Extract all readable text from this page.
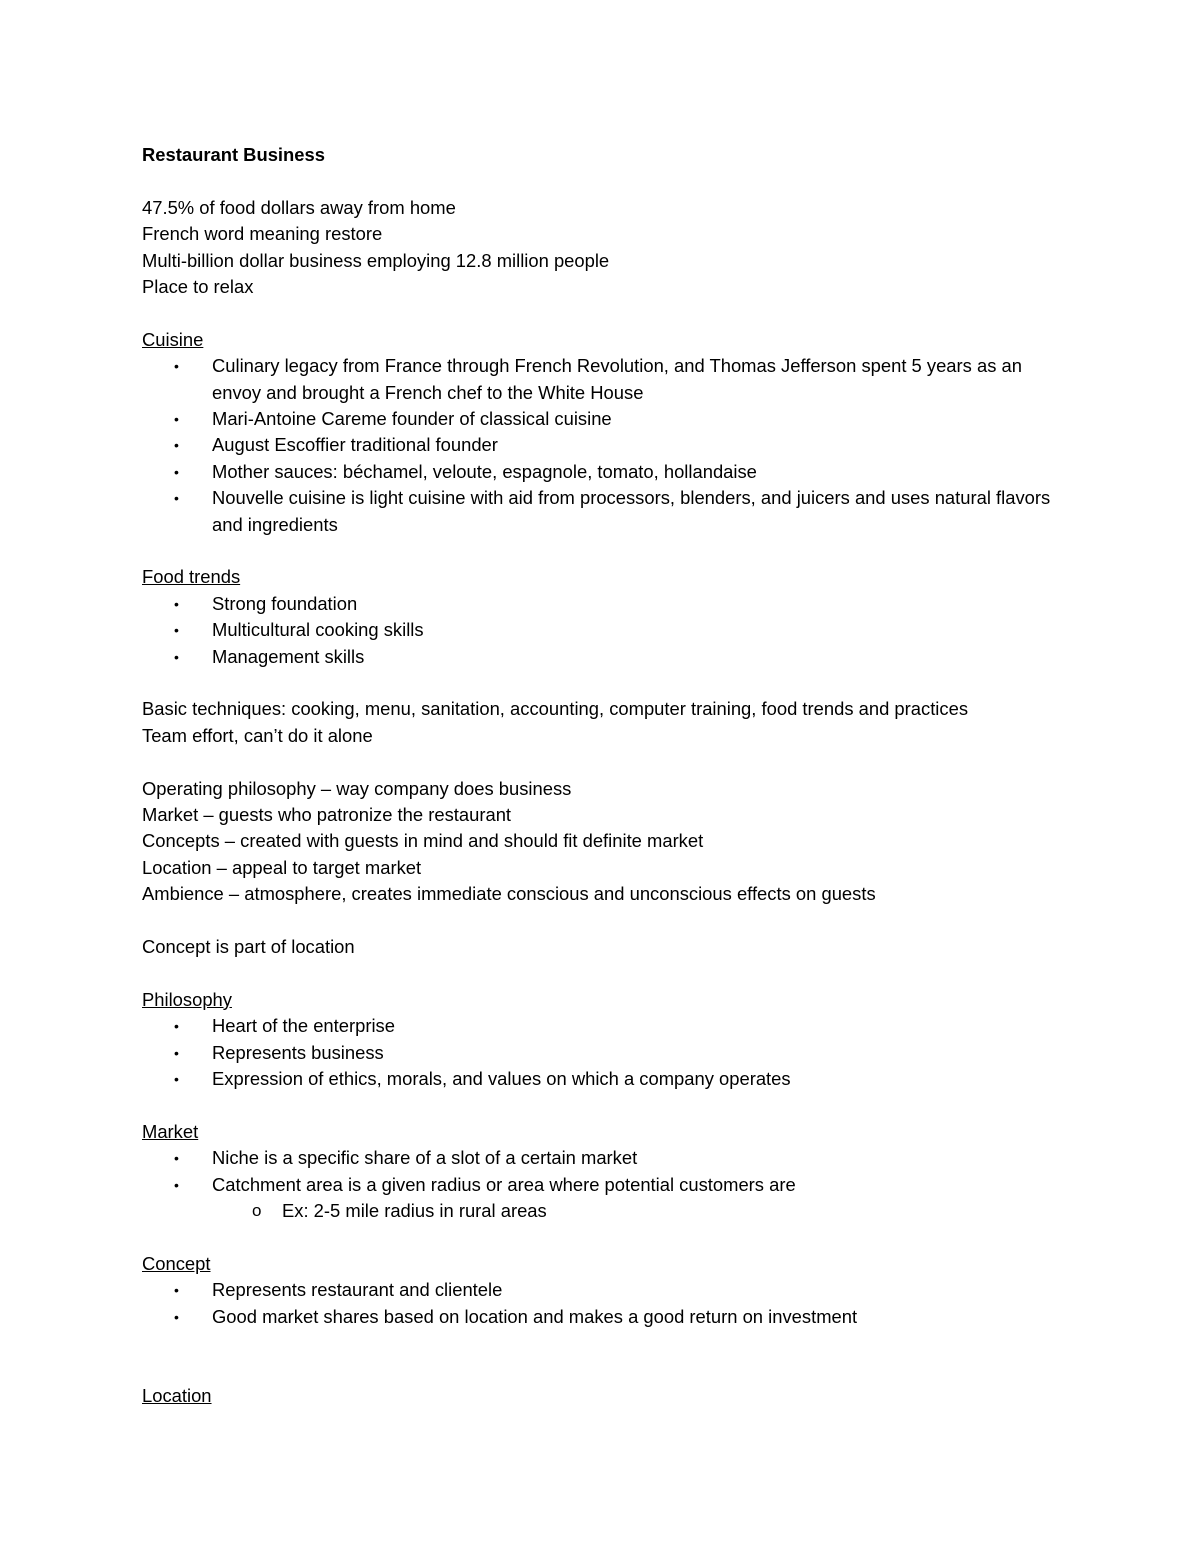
Restaurant Business
47.5% of food dollars away from home
French word meaning restore
Multi-billion dollar business employing 12.8 million people
Place to relax
Cuisine
• Culinary legacy from France through French Revolution, and Thomas Jefferson spent 5 years as an envoy and brought a French chef to the White House
• Mari-Antoine Careme founder of classical cuisine
• August Escoffier traditional founder
• Mother sauces: béchamel, veloute, espagnole, tomato, hollandaise
• Nouvelle cuisine is light cuisine with aid from processors, blenders, and juicers and uses natural flavors and ingredients
Food trends
• Strong foundation
• Multicultural cooking skills
• Management skills
Basic techniques: cooking, menu, sanitation, accounting, computer training, food trends and practices
Team effort, can’t do it alone
Operating philosophy – way company does business
Market – guests who patronize the restaurant
Concepts – created with guests in mind and should fit definite market
Location – appeal to target market
Ambience – atmosphere, creates immediate conscious and unconscious effects on guests
Concept is part of location
Philosophy
• Heart of the enterprise
• Represents business
• Expression of ethics, morals, and values on which a company operates
Market
• Niche is a specific share of a slot of a certain market
• Catchment area is a given radius or area where potential customers are
o Ex: 2-5 mile radius in rural areas
Concept
• Represents restaurant and clientele
• Good market shares based on location and makes a good return on investment
Location
